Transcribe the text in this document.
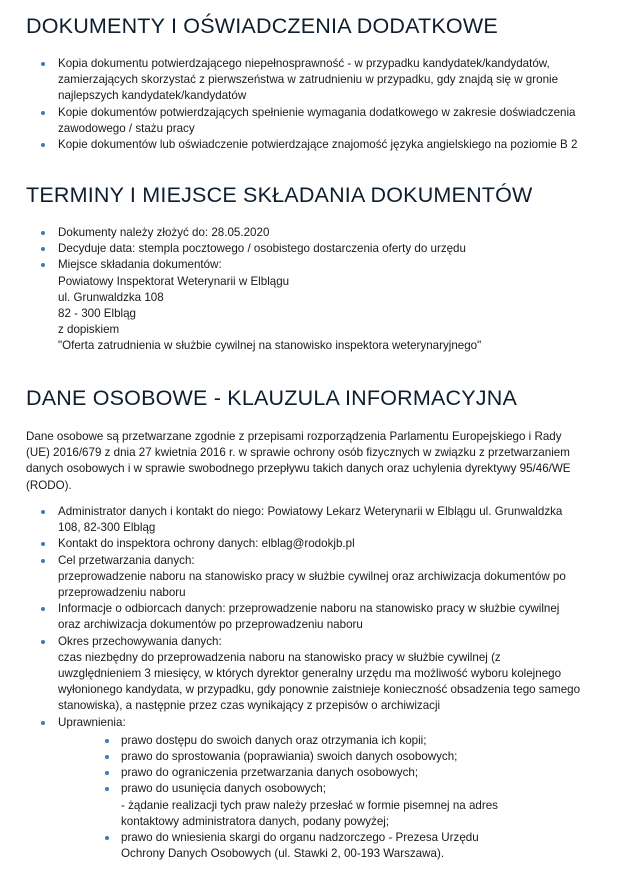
DOKUMENTY I OŚWIADCZENIA DODATKOWE
Kopia dokumentu potwierdzającego niepełnosprawność - w przypadku kandydatek/kandydatów,
zamierzających skorzystać z pierwszeństwa w zatrudnieniu w przypadku, gdy znajdą się w gronie
najlepszych kandydatek/kandydatów
Kopie dokumentów potwierdzających spełnienie wymagania dodatkowego w zakresie doświadczenia
zawodowego / stażu pracy
Kopie dokumentów lub oświadczenie potwierdzające znajomość języka angielskiego na poziomie B 2
TERMINY I MIEJSCE SKŁADANIA DOKUMENTÓW
Dokumenty należy złożyć do: 28.05.2020
Decyduje data: stempla pocztowego / osobistego dostarczenia oferty do urzędu
Miejsce składania dokumentów:
Powiatowy Inspektorat Weterynarii w Elblągu
ul. Grunwaldzka 108
82 - 300 Elbląg
z dopiskiem
"Oferta zatrudnienia w służbie cywilnej na stanowisko inspektora weterynaryjnego"
DANE OSOBOWE - KLAUZULA INFORMACYJNA

Dane osobowe są przetwarzane zgodnie z przepisami rozporządzenia Parlamentu Europejskiego i Rady
(UE) 2016/679 z dnia 27 kwietnia 2016 r. w sprawie ochrony osób fizycznych w związku z przetwarzaniem
danych osobowych i w sprawie swobodnego przepływu takich danych oraz uchylenia dyrektywy 95/46/WE
(RODO).

Administrator danych i kontakt do niego: Powiatowy Lekarz Weterynarii w Elblągu ul. Grunwaldzka
108, 82-300 Elbląg
Kontakt do inspektora ochrony danych: elblag@rodokjb.pl
Cel przetwarzania danych:
przeprowadzenie naboru na stanowisko pracy w służbie cywilnej oraz archiwizacja dokumentów po
przeprowadzeniu naboru
Informacje o odbiorcach danych: przeprowadzenie naboru na stanowisko pracy w służbie cywilnej
oraz archiwizacja dokumentów po przeprowadzeniu naboru
Okres przechowywania danych:
czas niezbędny do przeprowadzenia naboru na stanowisko pracy w służbie cywilnej (z
uwzględnieniem 3 miesięcy, w których dyrektor generalny urzędu ma możliwość wyboru kolejnego
wyłonionego kandydata, w przypadku, gdy ponownie zaistnieje konieczność obsadzenia tego samego
stanowiska), a następnie przez czas wynikający z przepisów o archiwizacji
Uprawnienia:
prawo dostępu do swoich danych oraz otrzymania ich kopii;
prawo do sprostowania (poprawiania) swoich danych osobowych;
prawo do ograniczenia przetwarzania danych osobowych;
prawo do usunięcia danych osobowych;
- żądanie realizacji tych praw należy przesłać w formie pisemnej na adres
kontaktowy administratora danych, podany powyżej;
prawo do wniesienia skargi do organu nadzorczego - Prezesa Urzędu
Ochrony Danych Osobowych (ul. Stawki 2, 00-193 Warszawa).
